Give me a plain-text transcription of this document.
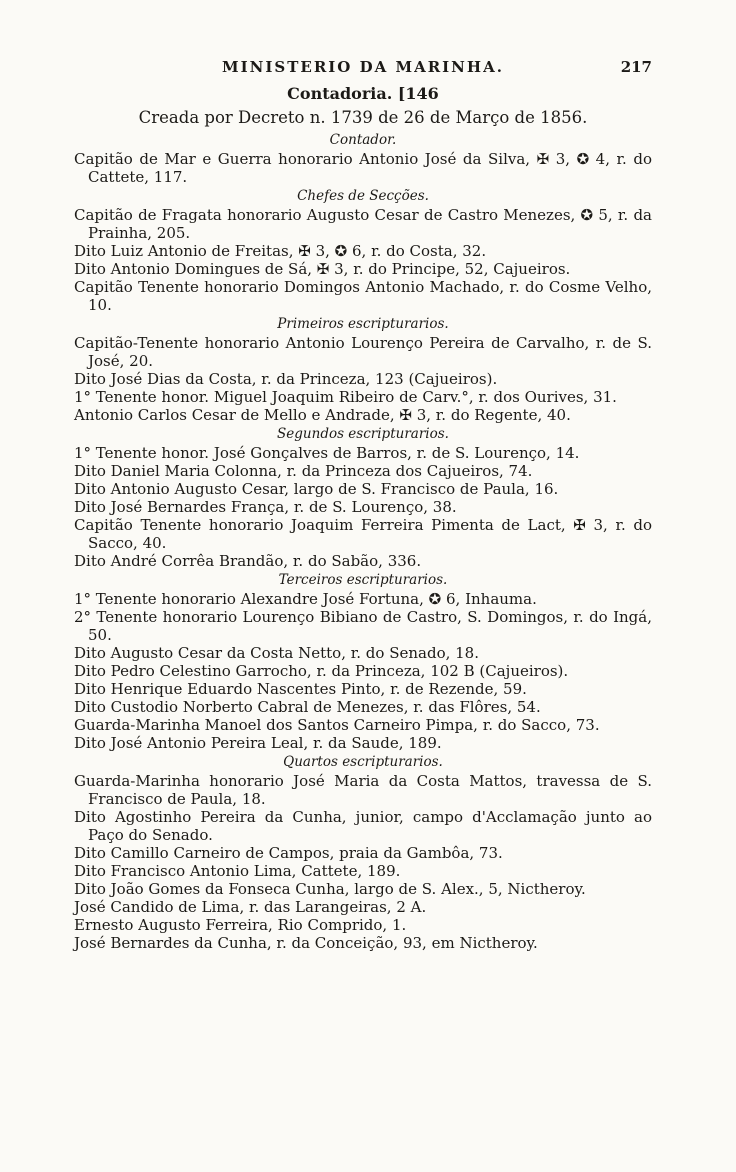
MINISTERIO DA MARINHA.	217
Contadoria. [146
Creada por Decreto n. 1739 de 26 de Março de 1856.
Contador.
Capitão de Mar e Guerra honorario Antonio José da Silva, ✠ 3, ✪ 4, r. do Cattete, 117.
Chefes de Secções.
Capitão de Fragata honorario Augusto Cesar de Castro Menezes, ✪ 5, r. da Prainha, 205.
Dito Luiz Antonio de Freitas, ✠ 3, ✪ 6, r. do Costa, 32.
Dito Antonio Domingues de Sá, ✠ 3, r. do Principe, 52, Cajueiros.
Capitão Tenente honorario Domingos Antonio Machado, r. do Cosme Velho, 10.
Primeiros escripturarios.
Capitão-Tenente honorario Antonio Lourenço Pereira de Carvalho, r. de S. José, 20.
Dito José Dias da Costa, r. da Princeza, 123 (Cajueiros).
1° Tenente honor. Miguel Joaquim Ribeiro de Carv.°, r. dos Ourives, 31.
Antonio Carlos Cesar de Mello e Andrade, ✠ 3, r. do Regente, 40.
Segundos escripturarios.
1° Tenente honor. José Gonçalves de Barros, r. de S. Lourenço, 14.
Dito Daniel Maria Colonna, r. da Princeza dos Cajueiros, 74.
Dito Antonio Augusto Cesar, largo de S. Francisco de Paula, 16.
Dito José Bernardes França, r. de S. Lourenço, 38.
Capitão Tenente honorario Joaquim Ferreira Pimenta de Lact, ✠ 3, r. do Sacco, 40.
Dito André Corrêa Brandão, r. do Sabão, 336.
Terceiros escripturarios.
1° Tenente honorario Alexandre José Fortuna, ✪ 6, Inhauma.
2° Tenente honorario Lourenço Bibiano de Castro, S. Domingos, r. do Ingá, 50.
Dito Augusto Cesar da Costa Netto, r. do Senado, 18.
Dito Pedro Celestino Garrocho, r. da Princeza, 102 B (Cajueiros).
Dito Henrique Eduardo Nascentes Pinto, r. de Rezende, 59.
Dito Custodio Norberto Cabral de Menezes, r. das Flôres, 54.
Guarda-Marinha Manoel dos Santos Carneiro Pimpa, r. do Sacco, 73.
Dito José Antonio Pereira Leal, r. da Saude, 189.
Quartos escripturarios.
Guarda-Marinha honorario José Maria da Costa Mattos, travessa de S. Francisco de Paula, 18.
Dito Agostinho Pereira da Cunha, junior, campo d'Acclamação junto ao Paço do Senado.
Dito Camillo Carneiro de Campos, praia da Gambôa, 73.
Dito Francisco Antonio Lima, Cattete, 189.
Dito João Gomes da Fonseca Cunha, largo de S. Alex., 5, Nictheroy.
José Candido de Lima, r. das Larangeiras, 2 A.
Ernesto Augusto Ferreira, Rio Comprido, 1.
José Bernardes da Cunha, r. da Conceição, 93, em Nictheroy.
